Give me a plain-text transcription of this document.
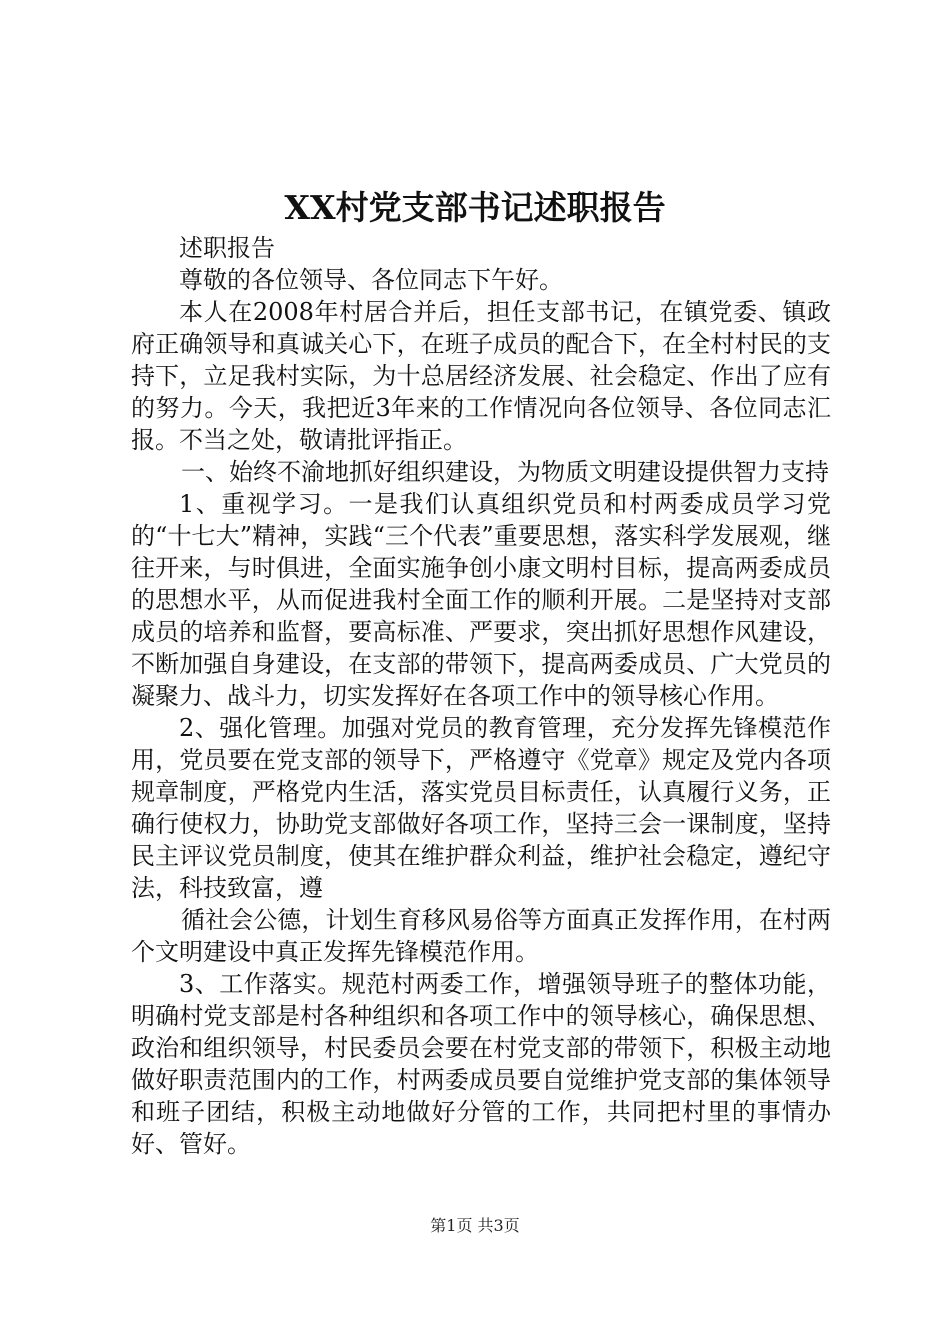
XX村党支部书记述职报告

述职报告

尊敬的各位领导、各位同志下午好。

本人在2008年村居合并后，担任支部书记，在镇党委、镇政府正确领导和真诚关心下，在班子成员的配合下，在全村村民的支持下，立足我村实际，为十总居经济发展、社会稳定、作出了应有的努力。今天，我把近3年来的工作情况向各位领导、各位同志汇报。不当之处，敬请批评指正。

一、始终不渝地抓好组织建设，为物质文明建设提供智力支持

1、重视学习。一是我们认真组织党员和村两委成员学习党的“十七大”精神，实践“三个代表”重要思想，落实科学发展观，继往开来，与时俱进，全面实施争创小康文明村目标，提高两委成员的思想水平，从而促进我村全面工作的顺利开展。二是坚持对支部成员的培养和监督，要高标准、严要求，突出抓好思想作风建设，不断加强自身建设，在支部的带领下，提高两委成员、广大党员的凝聚力、战斗力，切实发挥好在各项工作中的领导核心作用。

2、强化管理。加强对党员的教育管理，充分发挥先锋模范作用，党员要在党支部的领导下，严格遵守《党章》规定及党内各项规章制度，严格党内生活，落实党员目标责任，认真履行义务，正确行使权力，协助党支部做好各项工作，坚持三会一课制度，坚持民主评议党员制度，使其在维护群众利益，维护社会稳定，遵纪守法，科技致富，遵

循社会公德，计划生育移风易俗等方面真正发挥作用，在村两个文明建设中真正发挥先锋模范作用。

3、工作落实。规范村两委工作，增强领导班子的整体功能，明确村党支部是村各种组织和各项工作中的领导核心，确保思想、政治和组织领导，村民委员会要在村党支部的带领下，积极主动地做好职责范围内的工作，村两委成员要自觉维护党支部的集体领导和班子团结，积极主动地做好分管的工作，共同把村里的事情办好、管好。

第1页 共3页
